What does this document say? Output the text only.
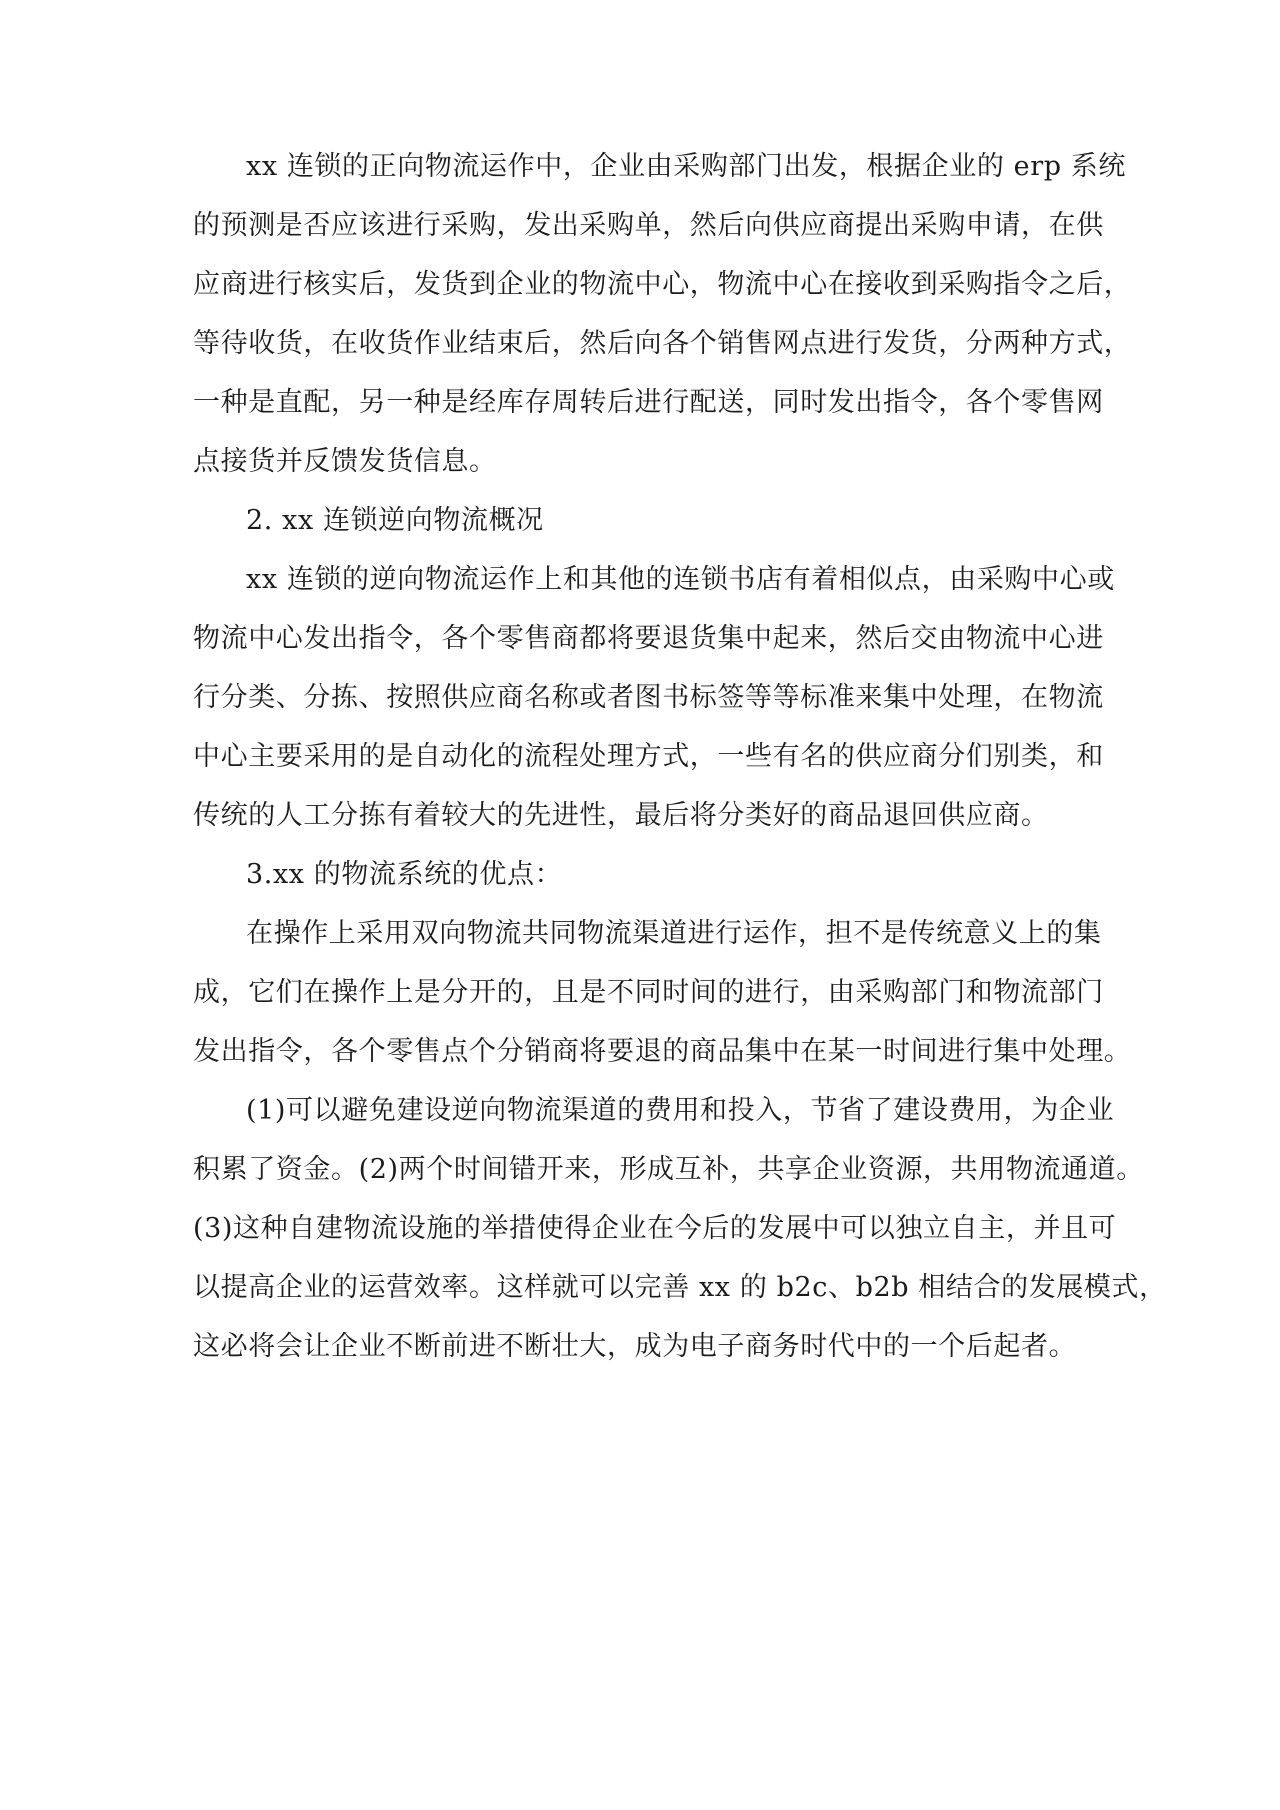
xx 连锁的正向物流运作中，企业由采购部门出发，根据企业的 erp 系统
的预测是否应该进行采购，发出采购单，然后向供应商提出采购申请，在供
应商进行核实后，发货到企业的物流中心，物流中心在接收到采购指令之后，
等待收货，在收货作业结束后，然后向各个销售网点进行发货，分两种方式，
一种是直配，另一种是经库存周转后进行配送，同时发出指令，各个零售网
点接货并反馈发货信息。
2. xx 连锁逆向物流概况
xx 连锁的逆向物流运作上和其他的连锁书店有着相似点，由采购中心或
物流中心发出指令，各个零售商都将要退货集中起来，然后交由物流中心进
行分类、分拣、按照供应商名称或者图书标签等等标准来集中处理，在物流
中心主要采用的是自动化的流程处理方式，一些有名的供应商分们别类，和
传统的人工分拣有着较大的先进性，最后将分类好的商品退回供应商。
3.xx 的物流系统的优点：
在操作上采用双向物流共同物流渠道进行运作，担不是传统意义上的集
成，它们在操作上是分开的，且是不同时间的进行，由采购部门和物流部门
发出指令，各个零售点个分销商将要退的商品集中在某一时间进行集中处理。
(1)可以避免建设逆向物流渠道的费用和投入，节省了建设费用，为企业
积累了资金。(2)两个时间错开来，形成互补，共享企业资源，共用物流通道。
(3)这种自建物流设施的举措使得企业在今后的发展中可以独立自主，并且可
以提高企业的运营效率。这样就可以完善 xx 的 b2c、b2b 相结合的发展模式，
这必将会让企业不断前进不断壮大，成为电子商务时代中的一个后起者。
